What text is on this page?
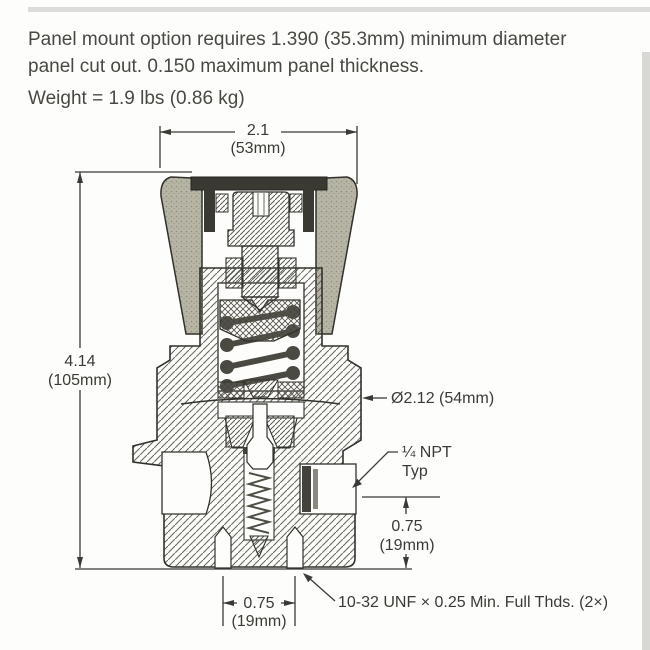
Panel mount option requires 1.390 (35.3mm) minimum diameter
panel cut out. 0.150 maximum panel thickness.
Weight = 1.9 lbs (0.86 kg)
2.1
(53mm)
4.14
(105mm)
Ø2.12 (54mm)
¼ NPT
Typ
0.75
(19mm)
0.75
(19mm)
10-32 UNF × 0.25 Min. Full Thds. (2×)
